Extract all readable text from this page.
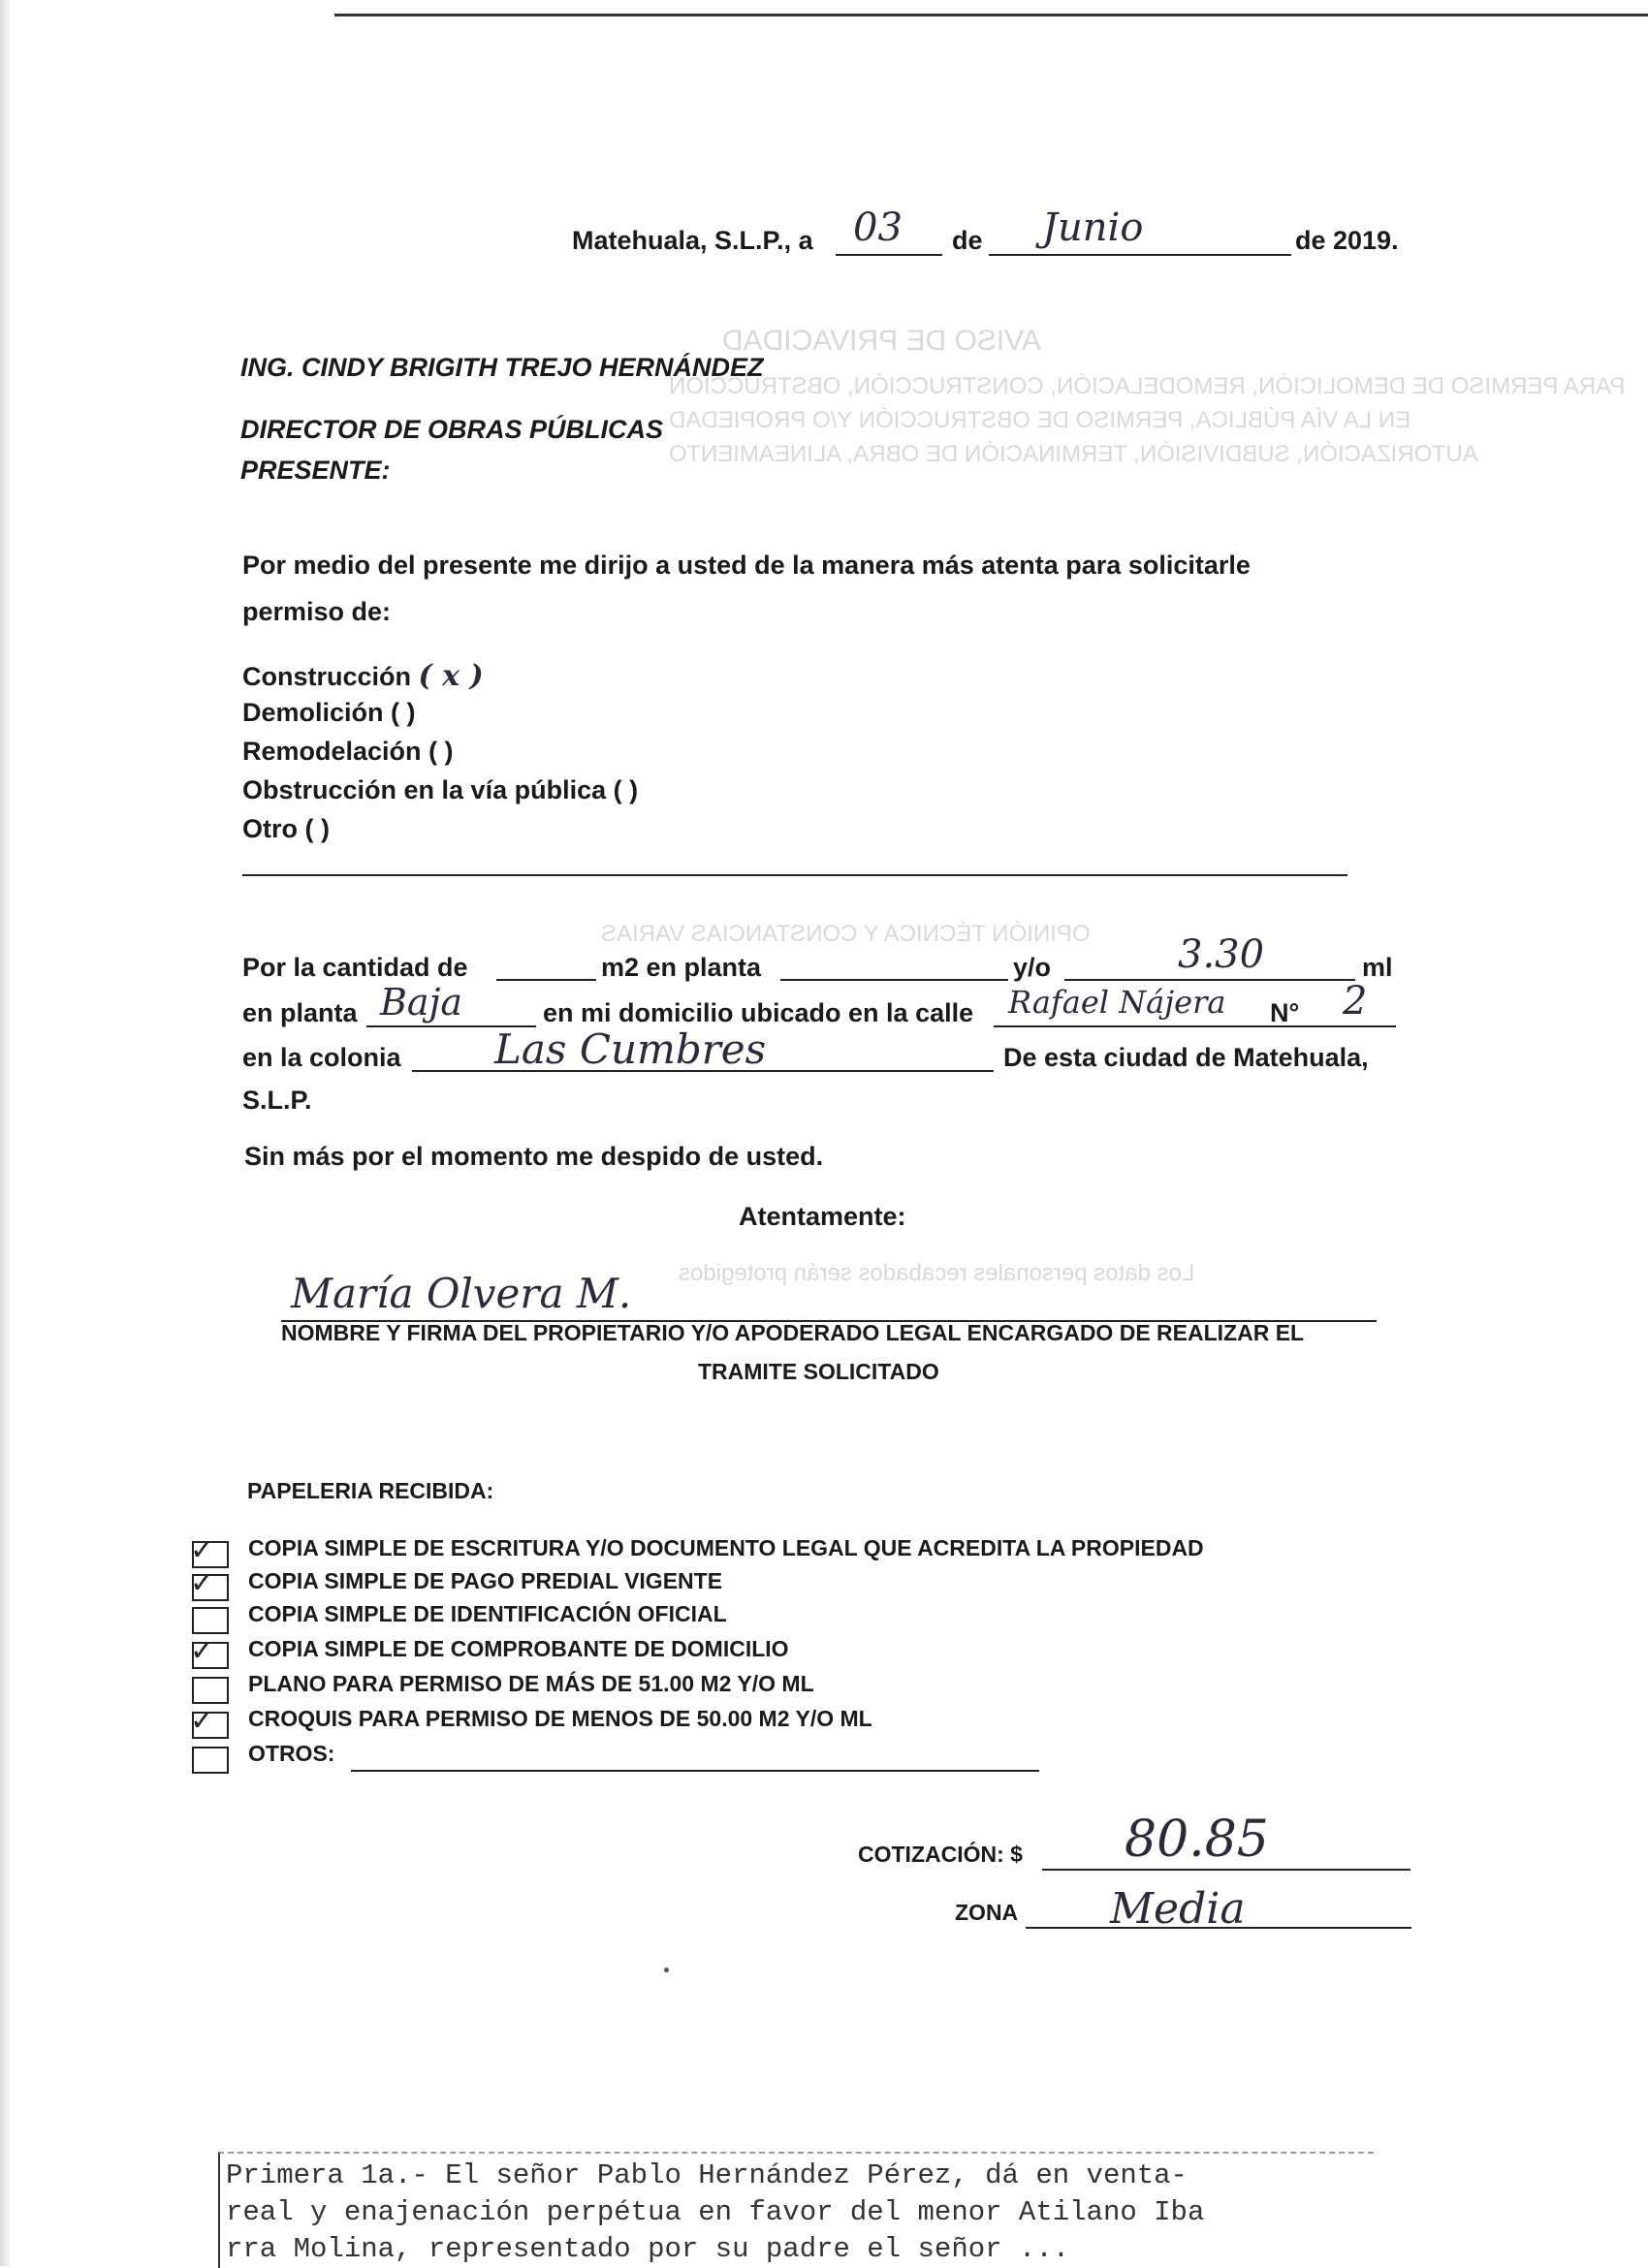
AVISO DE PRIVACIDAD
PARA PERMISO DE DEMOLICIÓN, REMODELACIÓN, CONSTRUCCIÓN, OBSTRUCCIÓN
EN LA VÍA PÚBLICA, PERMISO DE OBSTRUCCIÓN Y/O PROPIEDAD
AUTORIZACIÓN, SUBDIVISIÓN, TERMINACIÓN DE OBRA, ALINEAMIENTO
OPINIÓN TÉCNICA Y CONSTANCIAS VARIAS
Los datos personales recabados serán protegidos
Matehuala, S.L.P., a 03 de Junio	de 2019.
ING. CINDY BRIGITH TREJO HERNÁNDEZ
DIRECTOR DE OBRAS PÚBLICAS
PRESENTE:
Por medio del presente me dirijo a usted de la manera más atenta para solicitarle
permiso de:
Construcción ( x )
Demolición ( )
Remodelación ( )
Obstrucción en la vía pública ( )
Otro ( )
Por la cantidad de	m2 en planta	y/o	3.30	ml
en planta Baja	en mi domicilio ubicado en la calle Rafael Nájera N° 2
en la colonia Las Cumbres	De esta ciudad de Matehuala,
S.L.P.
Sin más por el momento me despido de usted.
Atentamente:
María Olvera M.
NOMBRE Y FIRMA DEL PROPIETARIO Y/O APODERADO LEGAL ENCARGADO DE REALIZAR EL
TRAMITE SOLICITADO
PAPELERIA RECIBIDA:
✓ COPIA SIMPLE DE ESCRITURA Y/O DOCUMENTO LEGAL QUE ACREDITA LA PROPIEDAD
✓ COPIA SIMPLE DE PAGO PREDIAL VIGENTE
COPIA SIMPLE DE IDENTIFICACIÓN OFICIAL
✓ COPIA SIMPLE DE COMPROBANTE DE DOMICILIO
PLANO PARA PERMISO DE MÁS DE 51.00 M2 Y/O ML
✓ CROQUIS PARA PERMISO DE MENOS DE 50.00 M2 Y/O ML
OTROS:
COTIZACIÓN: $ 80.85
ZONA Media
Primera 1a.- El señor Pablo Hernández Pérez, dá en venta-
real y enajenación perpétua en favor del menor Atilano Iba
rra Molina, representado por su padre el señor ...
